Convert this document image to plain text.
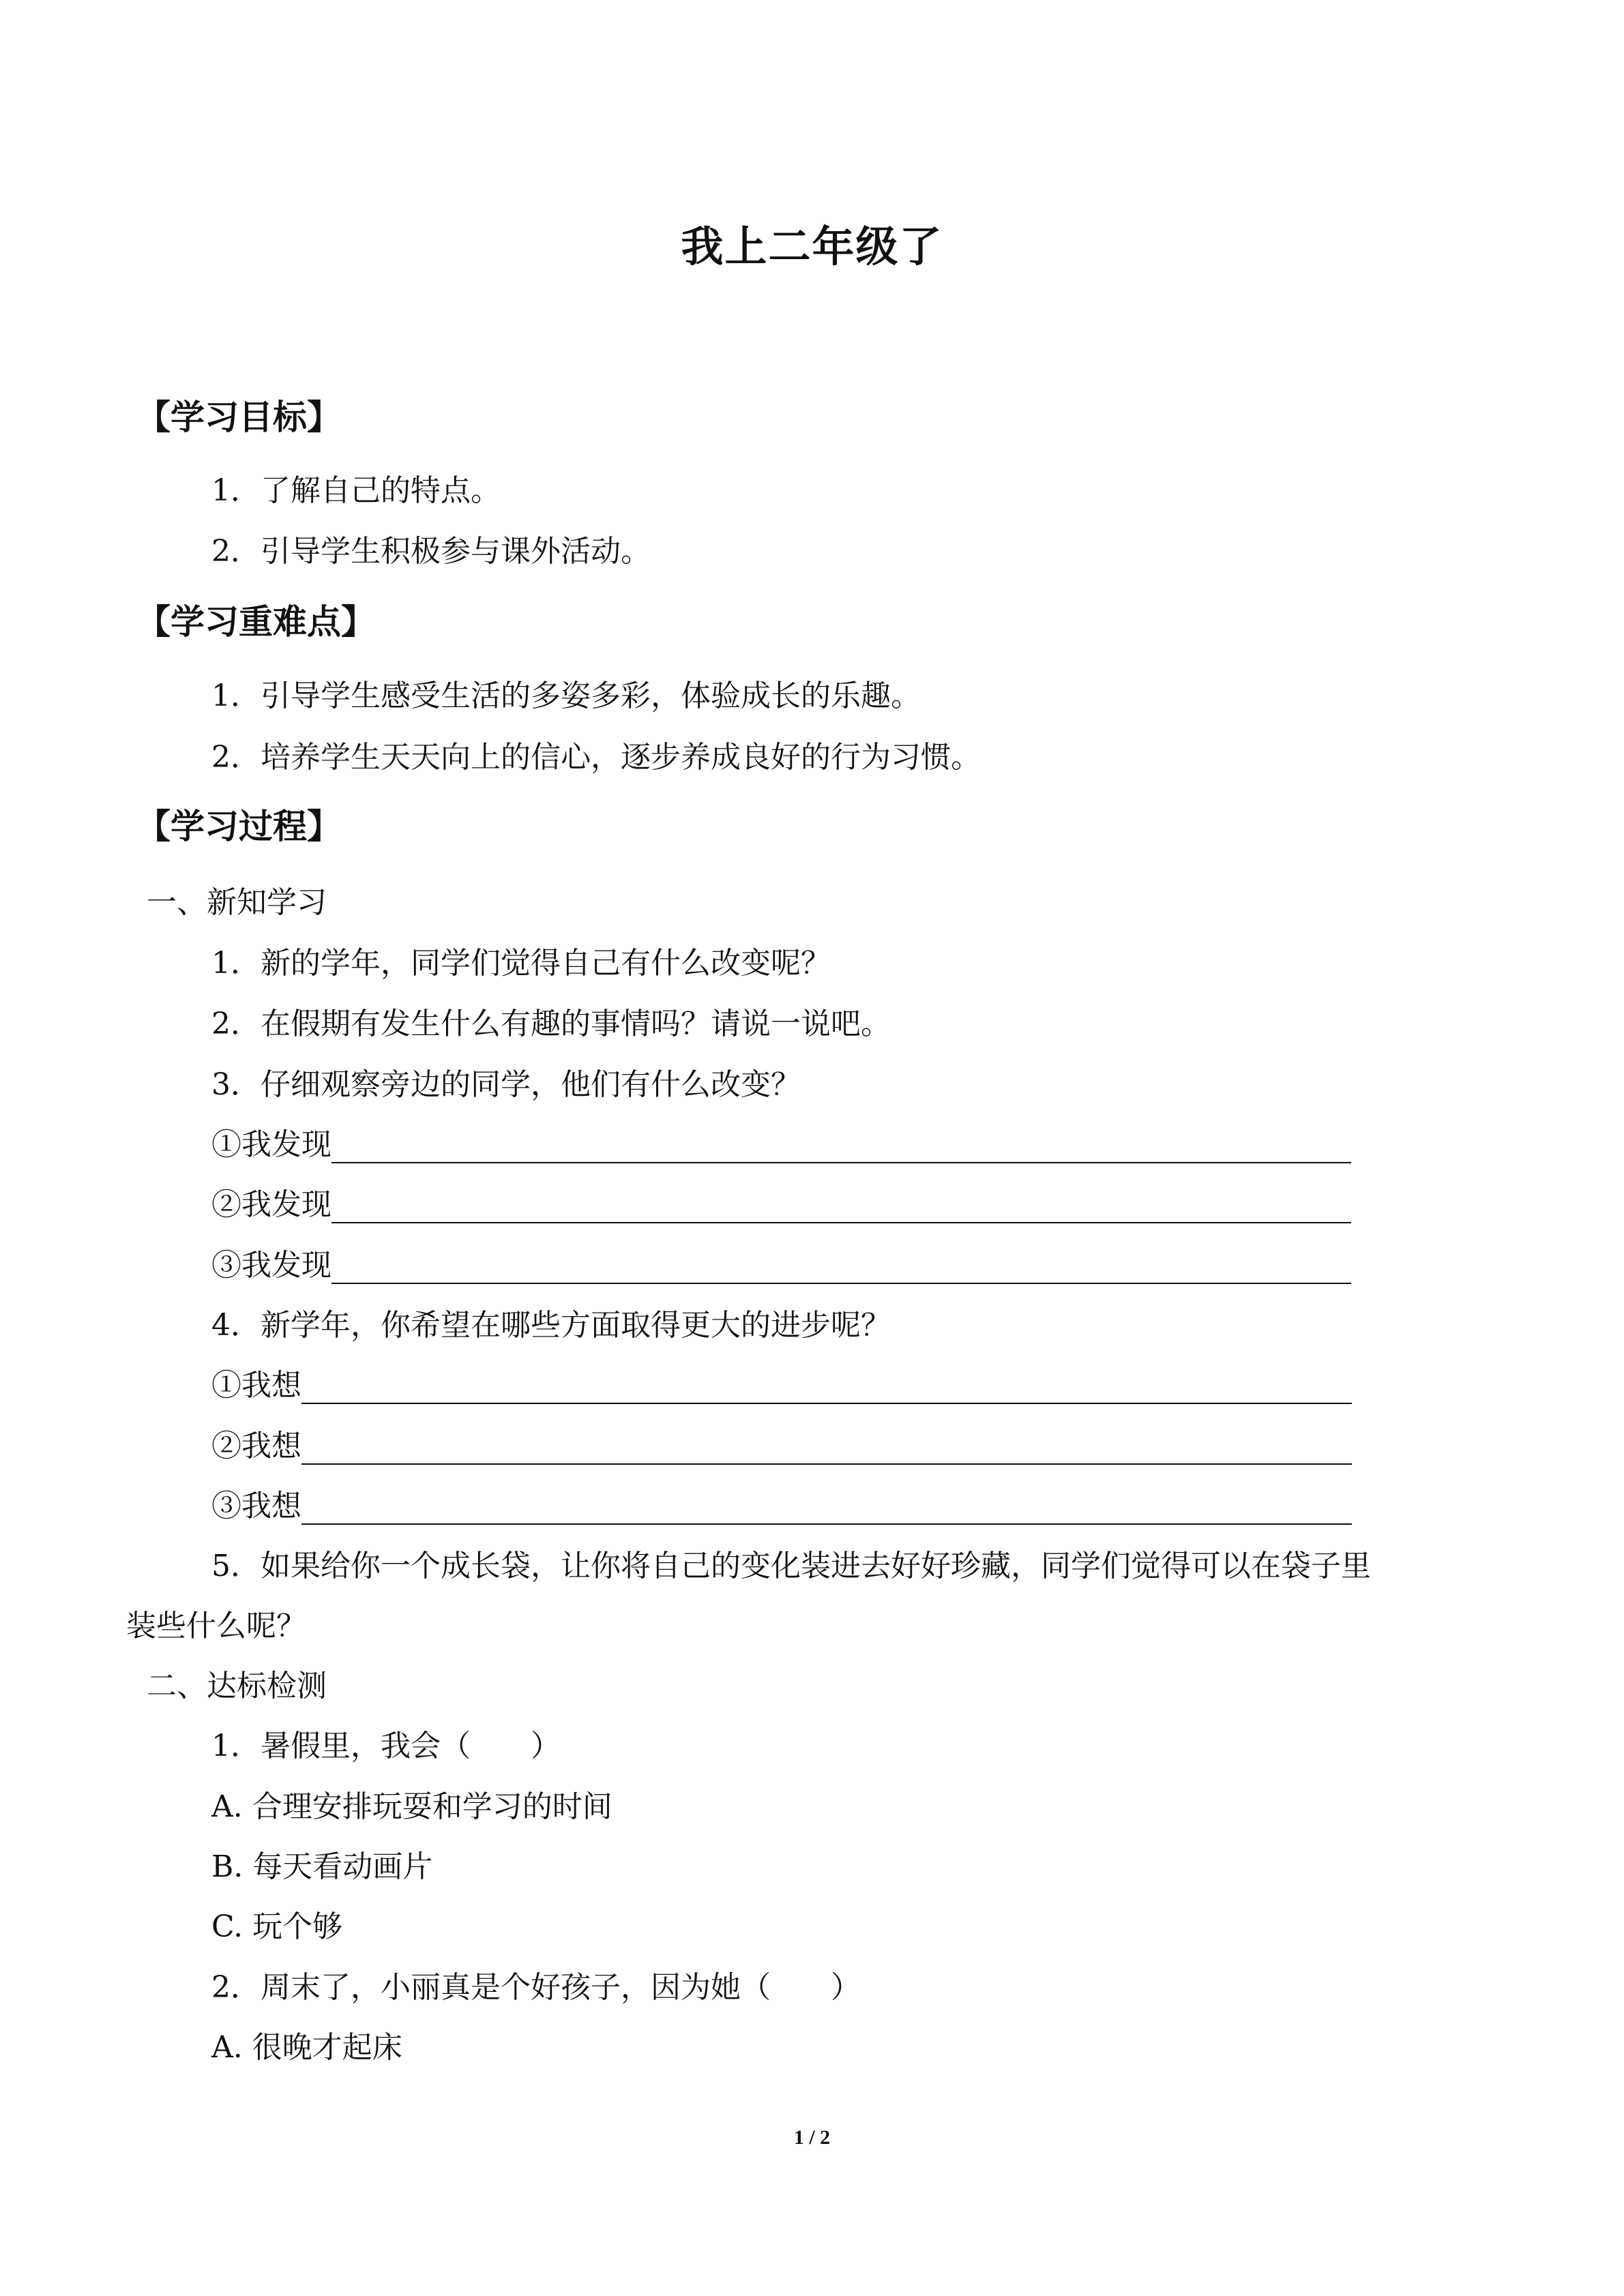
我上二年级了
【学习目标】
1．了解自己的特点。
2．引导学生积极参与课外活动。
【学习重难点】
1．引导学生感受生活的多姿多彩，体验成长的乐趣。
2．培养学生天天向上的信心，逐步养成良好的行为习惯。
【学习过程】
一、新知学习
1．新的学年，同学们觉得自己有什么改变呢？
2．在假期有发生什么有趣的事情吗？请说一说吧。
3．仔细观察旁边的同学，他们有什么改变？
①我发现
②我发现
③我发现
4．新学年，你希望在哪些方面取得更大的进步呢？
①我想
②我想
③我想
5．如果给你一个成长袋，让你将自己的变化装进去好好珍藏，同学们觉得可以在袋子里
装些什么呢？
二、达标检测
1．暑假里，我会（　　）
A. 合理安排玩耍和学习的时间
B. 每天看动画片
C. 玩个够
2．周末了，小丽真是个好孩子，因为她（　　）
A. 很晚才起床
1 / 2
